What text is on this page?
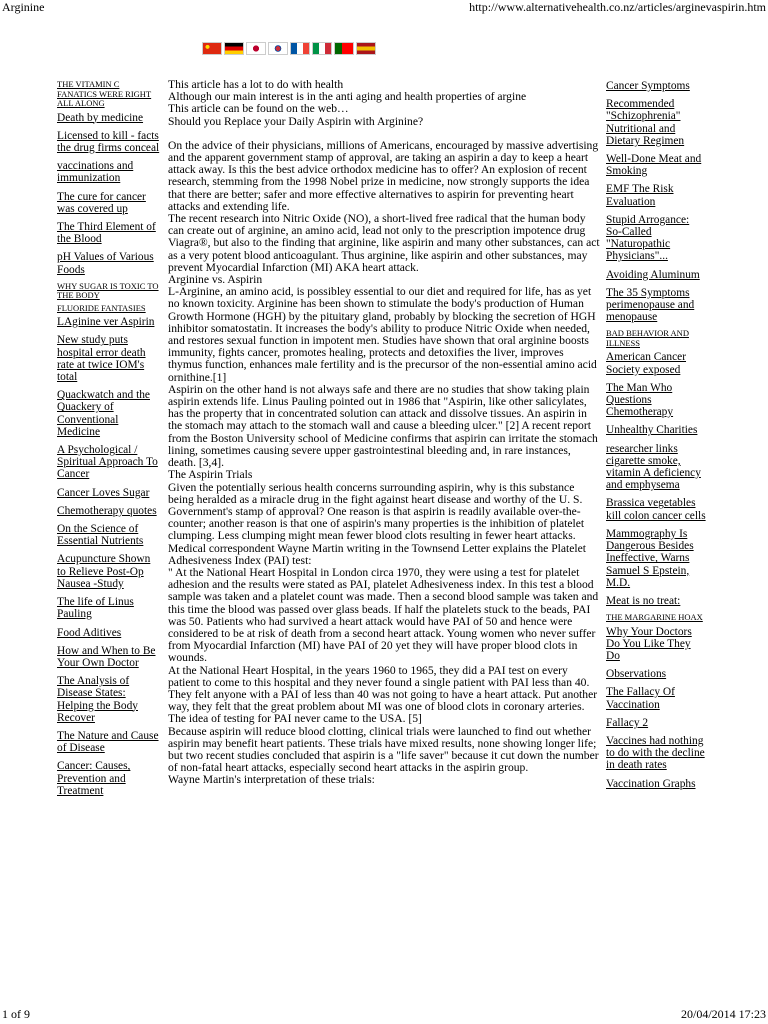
Arginine	http://www.alternativehealth.co.nz/articles/arginevaspirin.htm
THE VITAMIN C FANATICS WERE RIGHT ALL ALONG
Death by medicine
Licensed to kill - facts the drug firms conceal
vaccinations and immunization
The cure for cancer was covered up
The Third Element of the Blood
pH Values of Various Foods
WHY SUGAR IS TOXIC TO THE BODY
FLUORIDE FANTASIES
LAginine ver Aspirin
New study puts hospital error death rate at twice IOM's total
Quackwatch and the Quackery of Conventional Medicine
A Psychological / Spiritual Approach To Cancer
Cancer Loves Sugar
Chemotherapy quotes
On the Science of Essential Nutrients
Acupuncture Shown to Relieve Post-Op Nausea -Study
The life of Linus Pauling
Food Aditives
How and When to Be Your Own Doctor
The Analysis of Disease States: Helping the Body Recover
The Nature and Cause of Disease
Cancer: Causes, Prevention and Treatment

This article has a lot to do with health

Although our main interest is in the anti aging and health properties of argine

This article can be found on the web…

Should you Replace your Daily Aspirin with Arginine?

On the advice of their physicians, millions of Americans, encouraged by massive advertising and the apparent government stamp of approval, are taking an aspirin a day to keep a heart attack away. Is this the best advice orthodox medicine has to offer? An explosion of recent research, stemming from the 1998 Nobel prize in medicine, now strongly supports the idea that there are better; safer and more effective alternatives to aspirin for preventing heart attacks and extending life.

The recent research into Nitric Oxide (NO), a short-lived free radical that the human body can create out of arginine, an amino acid, lead not only to the prescription impotence drug Viagra®, but also to the finding that arginine, like aspirin and many other substances, can act as a very potent blood anticoagulant. Thus arginine, like aspirin and other substances, may prevent Myocardial Infarction (MI) AKA heart attack.

Arginine vs. Aspirin

L-Arginine, an amino acid, is possibley essential to our diet and required for life, has as yet no known toxicity. Arginine has been shown to stimulate the body's production of Human Growth Hormone (HGH) by the pituitary gland, probably by blocking the secretion of HGH inhibitor somatostatin. It increases the body's ability to produce Nitric Oxide when needed, and restores sexual function in impotent men. Studies have shown that oral arginine boosts immunity, fights cancer, promotes healing, protects and detoxifies the liver, improves thymus function, enhances male fertility and is the precursor of the non-essential amino acid ornithine.[1]

Aspirin on the other hand is not always safe and there are no studies that show taking plain aspirin extends life. Linus Pauling pointed out in 1986 that "Aspirin, like other salicylates, has the property that in concentrated solution can attack and dissolve tissues. An aspirin in the stomach may attach to the stomach wall and cause a bleeding ulcer." [2] A recent report from the Boston University school of Medicine confirms that aspirin can irritate the stomach lining, sometimes causing severe upper gastrointestinal bleeding and, in rare instances, death. [3,4].

The Aspirin Trials

Given the potentially serious health concerns surrounding aspirin, why is this substance being heralded as a miracle drug in the fight against heart disease and worthy of the U. S. Government's stamp of approval? One reason is that aspirin is readily available over-the-counter; another reason is that one of aspirin's many properties is the inhibition of platelet clumping. Less clumping might mean fewer blood clots resulting in fewer heart attacks. Medical correspondent Wayne Martin writing in the Townsend Letter explains the Platelet Adhesiveness Index (PAI) test:

" At the National Heart Hospital in London circa 1970, they were using a test for platelet adhesion and the results were stated as PAI, platelet Adhesiveness index. In this test a blood sample was taken and a platelet count was made. Then a second blood sample was taken and this time the blood was passed over glass beads. If half the platelets stuck to the beads, PAI was 50. Patients who had survived a heart attack would have PAI of 50 and hence were considered to be at risk of death from a second heart attack. Young women who never suffer from Myocardial Infarction (MI) have PAI of 20 yet they will have proper blood clots in wounds.

At the National Heart Hospital, in the years 1960 to 1965, they did a PAI test on every patient to come to this hospital and they never found a single patient with PAI less than 40. They felt anyone with a PAI of less than 40 was not going to have a heart attack. Put another way, they felt that the great problem about MI was one of blood clots in coronary arteries.

The idea of testing for PAI never came to the USA. [5]

Because aspirin will reduce blood clotting, clinical trials were launched to find out whether aspirin may benefit heart patients. These trials have mixed results, none showing longer life; but two recent studies concluded that aspirin is a "life saver" because it cut down the number of non-fatal heart attacks, especially second heart attacks in the aspirin group.

Wayne Martin's interpretation of these trials:

Cancer Symptoms
Recommended "Schizophrenia" Nutritional and Dietary Regimen
Well-Done Meat and Smoking
EMF The Risk Evaluation
Stupid Arrogance: So-Called "Naturopathic Physicians"...
Avoiding Aluminum
The 35 Symptoms perimenopause and menopause
BAD BEHAVIOR AND ILLNESS
American Cancer Society exposed
The Man Who Questions Chemotherapy
Unhealthy Charities
researcher links cigarette smoke, vitamin A deficiency and emphysema
Brassica vegetables kill colon cancer cells
Mammography Is Dangerous Besides Ineffective, Warns Samuel S Epstein, M.D.
Meat is no treat:
THE MARGARINE HOAX
Why Your Doctors Do You Like They Do
Observations
The Fallacy Of Vaccination
Fallacy 2
Vaccines had nothing to do with the decline in death rates
Vaccination Graphs
1 of 9	20/04/2014 17:23
